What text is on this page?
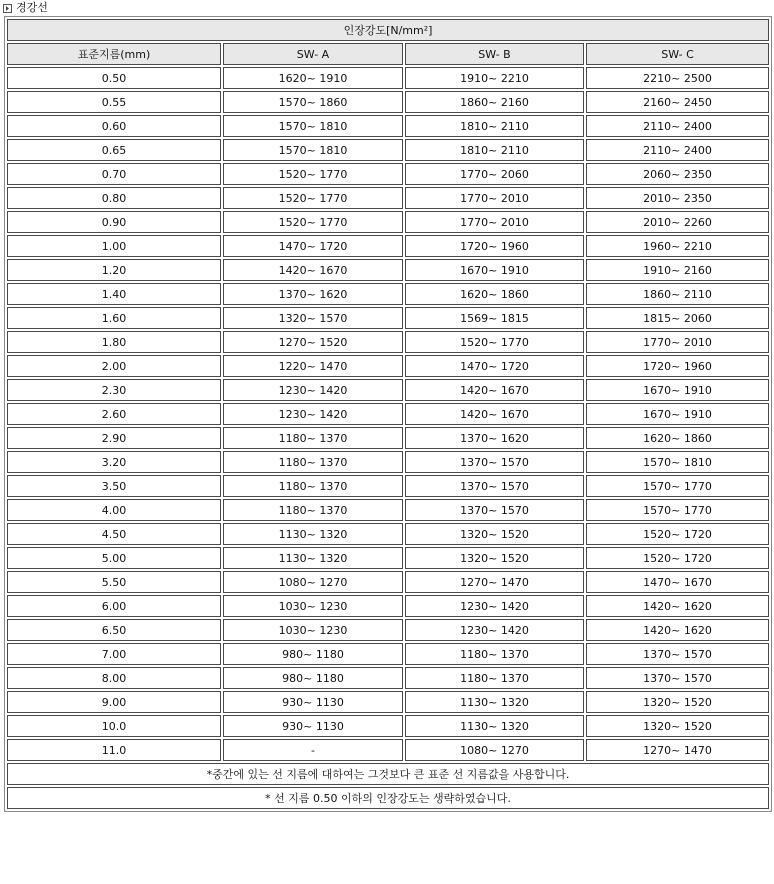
경강선
인장강도[N/mm²]			
표준지름(mm)	SW- A	SW- B	SW- C
0.50	1620~ 1910	1910~ 2210	2210~ 2500
0.55	1570~ 1860	1860~ 2160	2160~ 2450
0.60	1570~ 1810	1810~ 2110	2110~ 2400
0.65	1570~ 1810	1810~ 2110	2110~ 2400
0.70	1520~ 1770	1770~ 2060	2060~ 2350
0.80	1520~ 1770	1770~ 2010	2010~ 2350
0.90	1520~ 1770	1770~ 2010	2010~ 2260
1.00	1470~ 1720	1720~ 1960	1960~ 2210
1.20	1420~ 1670	1670~ 1910	1910~ 2160
1.40	1370~ 1620	1620~ 1860	1860~ 2110
1.60	1320~ 1570	1569~ 1815	1815~ 2060
1.80	1270~ 1520	1520~ 1770	1770~ 2010
2.00	1220~ 1470	1470~ 1720	1720~ 1960
2.30	1230~ 1420	1420~ 1670	1670~ 1910
2.60	1230~ 1420	1420~ 1670	1670~ 1910
2.90	1180~ 1370	1370~ 1620	1620~ 1860
3.20	1180~ 1370	1370~ 1570	1570~ 1810
3.50	1180~ 1370	1370~ 1570	1570~ 1770
4.00	1180~ 1370	1370~ 1570	1570~ 1770
4.50	1130~ 1320	1320~ 1520	1520~ 1720
5.00	1130~ 1320	1320~ 1520	1520~ 1720
5.50	1080~ 1270	1270~ 1470	1470~ 1670
6.00	1030~ 1230	1230~ 1420	1420~ 1620
6.50	1030~ 1230	1230~ 1420	1420~ 1620
7.00	980~ 1180	1180~ 1370	1370~ 1570
8.00	980~ 1180	1180~ 1370	1370~ 1570
9.00	930~ 1130	1130~ 1320	1320~ 1520
10.0	930~ 1130	1130~ 1320	1320~ 1520
11.0	-	1080~ 1270	1270~ 1470
*중간에 있는 선 지름에 대하여는 그것보다 큰 표준 선 지름값을 사용합니다.			
* 선 지름 0.50 이하의 인장강도는 생략하였습니다.			
